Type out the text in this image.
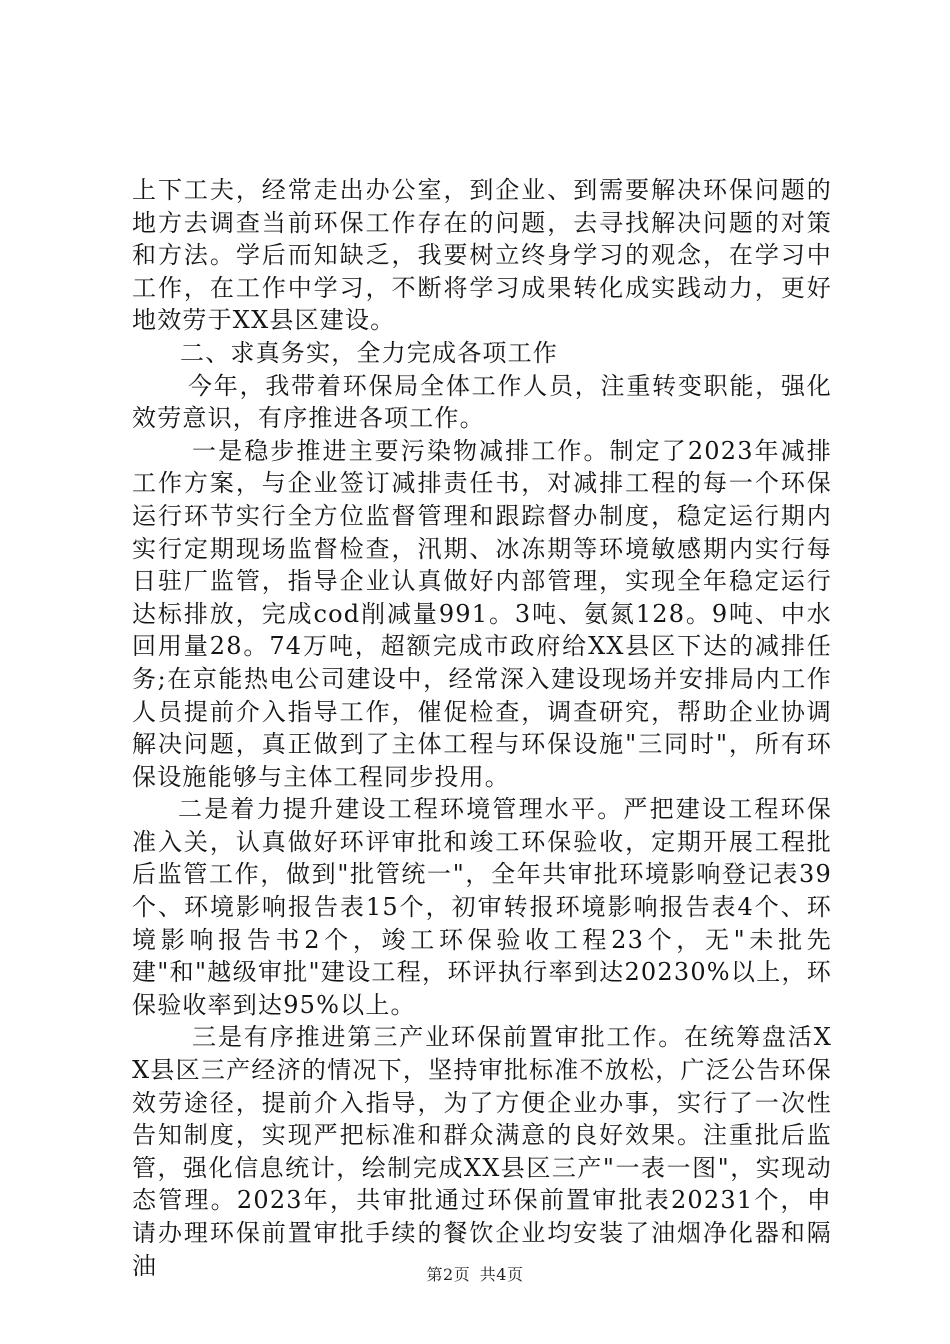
上下工夫，经常走出办公室，到企业、到需要解决环保问题的地方去调查当前环保工作存在的问题，去寻找解决问题的对策和方法。学后而知缺乏，我要树立终身学习的观念，在学习中工作，在工作中学习，不断将学习成果转化成实践动力，更好地效劳于XX县区建设。

二、求真务实，全力完成各项工作

今年，我带着环保局全体工作人员，注重转变职能，强化效劳意识，有序推进各项工作。

一是稳步推进主要污染物减排工作。制定了2023年减排工作方案，与企业签订减排责任书，对减排工程的每一个环保运行环节实行全方位监督管理和跟踪督办制度，稳定运行期内实行定期现场监督检查，汛期、冰冻期等环境敏感期内实行每日驻厂监管，指导企业认真做好内部管理，实现全年稳定运行达标排放，完成cod削减量991。3吨、氨氮128。9吨、中水回用量28。74万吨，超额完成市政府给XX县区下达的减排任务;在京能热电公司建设中，经常深入建设现场并安排局内工作人员提前介入指导工作，催促检查，调查研究，帮助企业协调解决问题，真正做到了主体工程与环保设施"三同时"，所有环保设施能够与主体工程同步投用。

二是着力提升建设工程环境管理水平。严把建设工程环保准入关，认真做好环评审批和竣工环保验收，定期开展工程批后监管工作，做到"批管统一"，全年共审批环境影响登记表39个、环境影响报告表15个，初审转报环境影响报告表4个、环境影响报告书2个，竣工环保验收工程23个，无"未批先建"和"越级审批"建设工程，环评执行率到达20230%以上，环保验收率到达95%以上。

三是有序推进第三产业环保前置审批工作。在统筹盘活XX县区三产经济的情况下，坚持审批标准不放松，广泛公告环保效劳途径，提前介入指导，为了方便企业办事，实行了一次性告知制度，实现严把标准和群众满意的良好效果。注重批后监管，强化信息统计，绘制完成XX县区三产"一表一图"，实现动态管理。2023年，共审批通过环保前置审批表20231个，申请办理环保前置审批手续的餐饮企业均安装了油烟净化器和隔油	第2页 共4页
